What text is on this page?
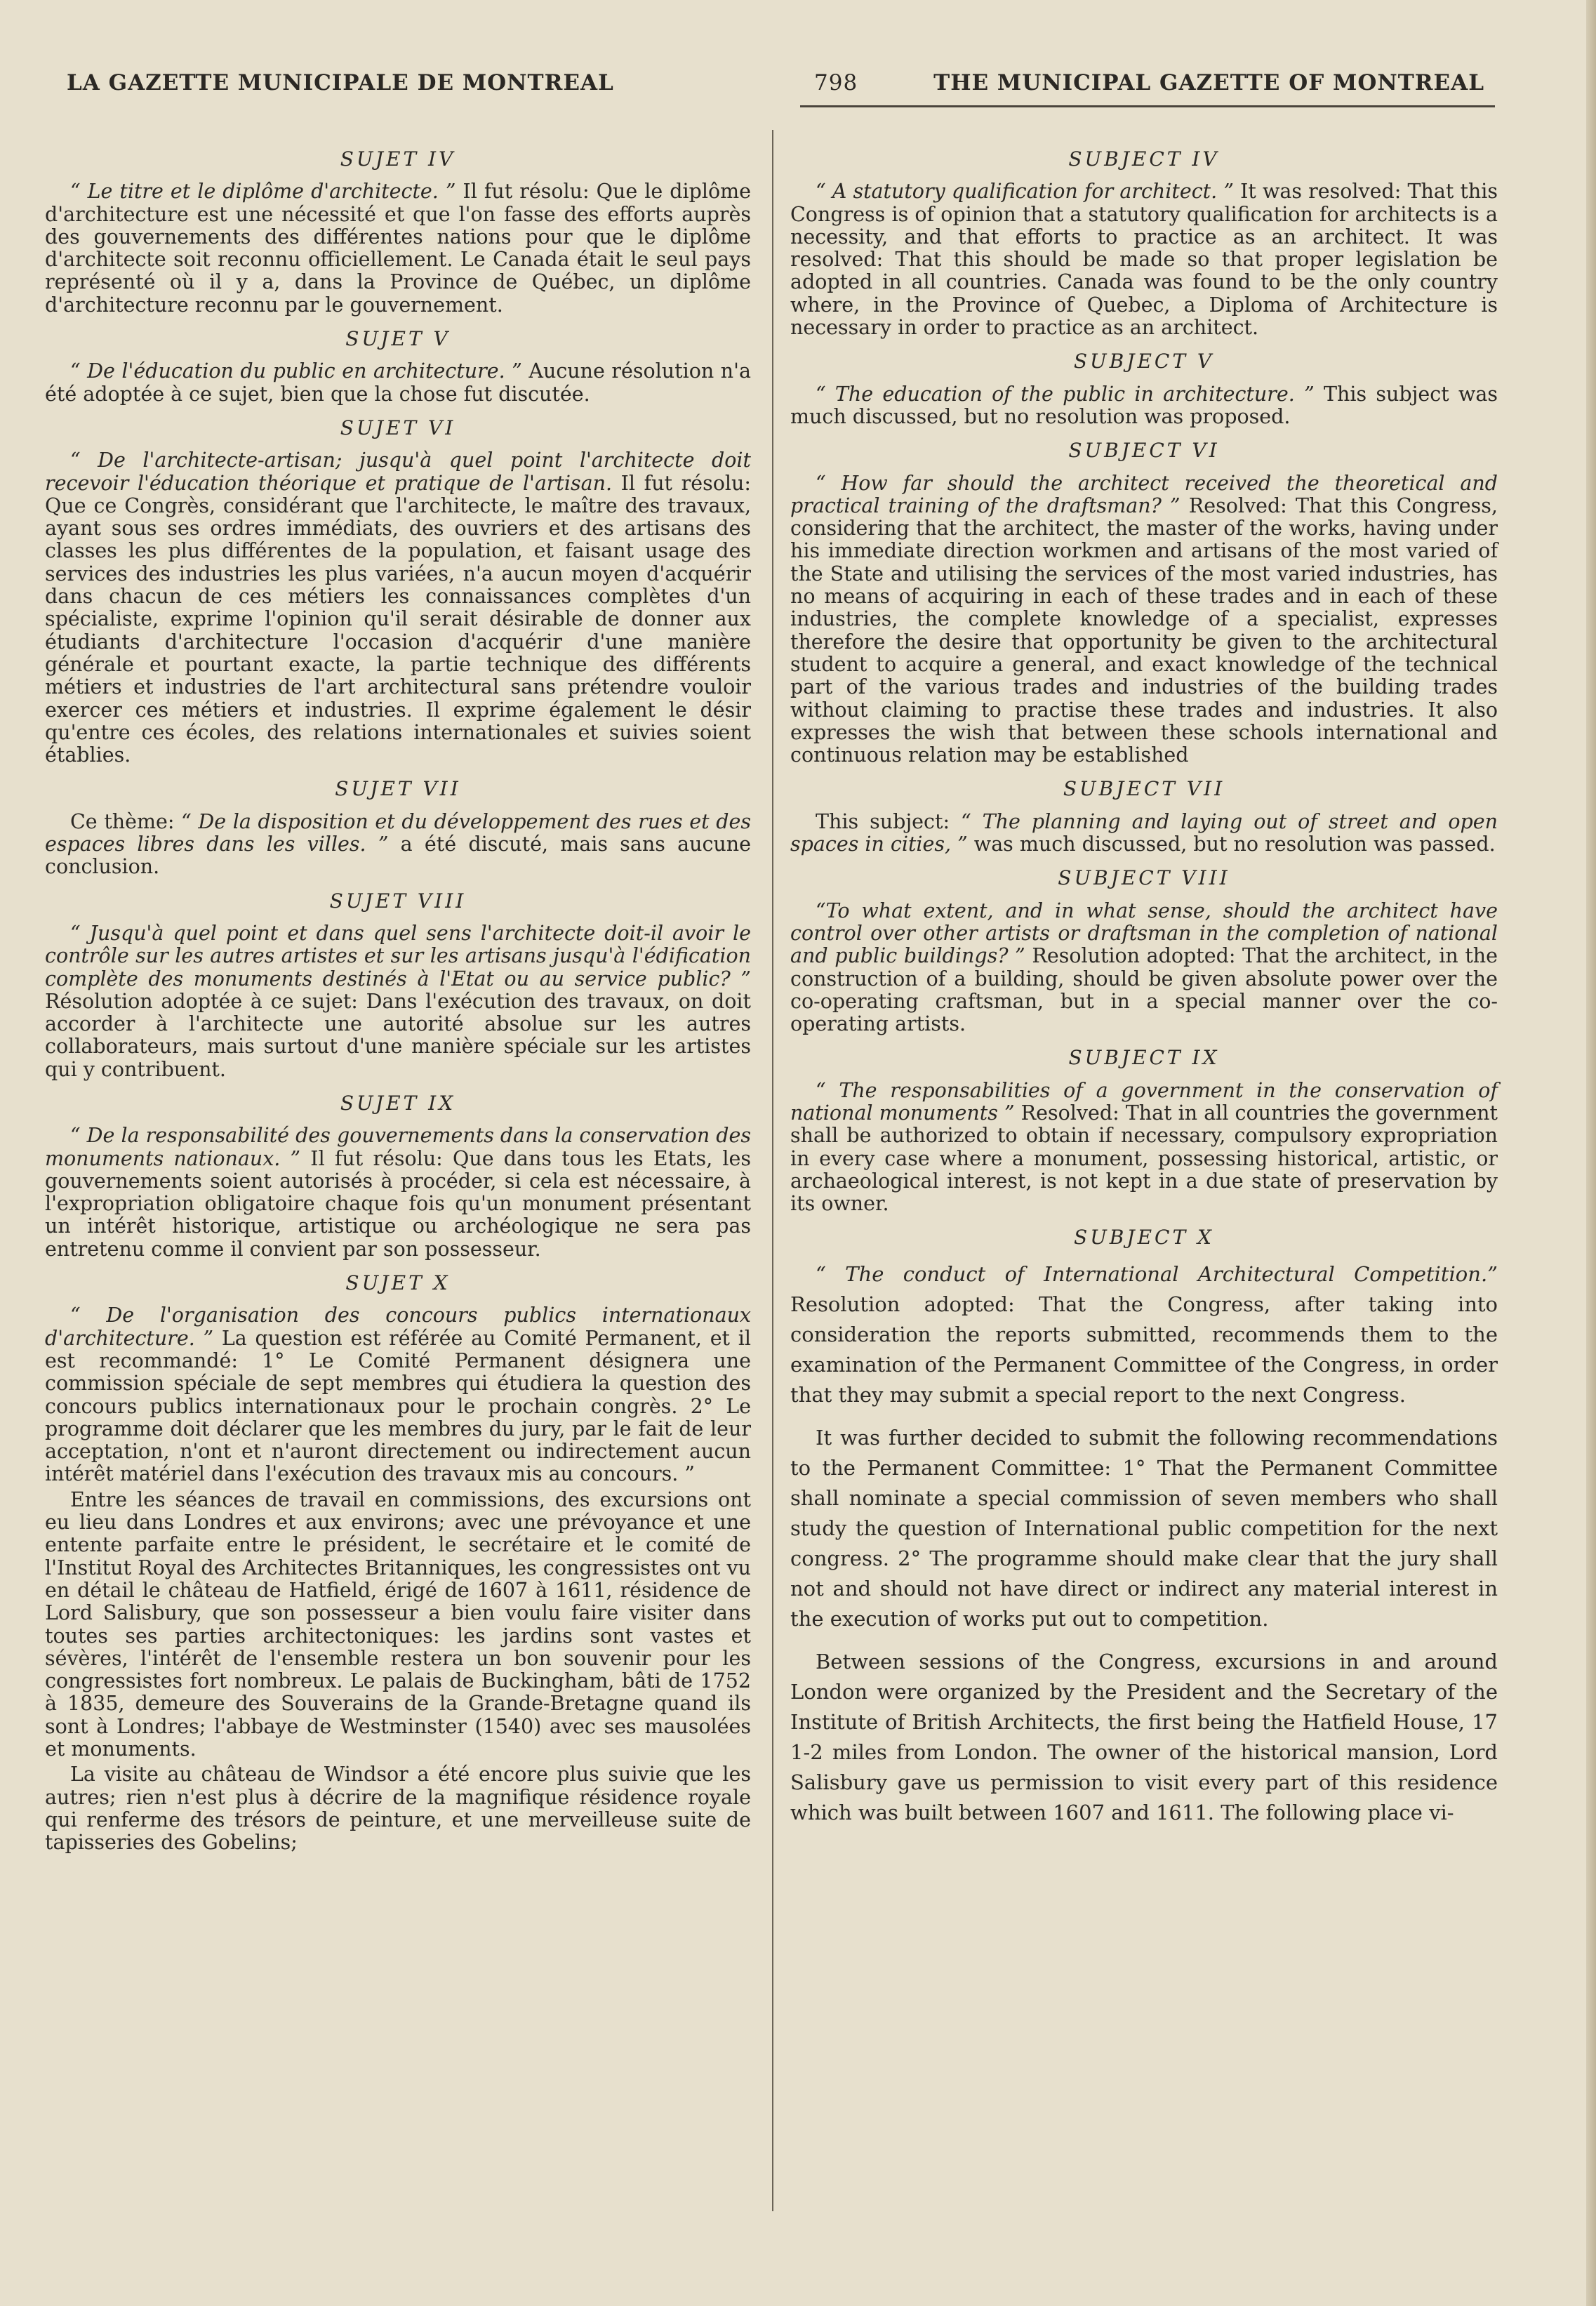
LA GAZETTE MUNICIPALE DE MONTREAL	798	THE MUNICIPAL GAZETTE OF MONTREAL
SUJET IV

“ Le titre et le diplôme d'architecte. ” Il fut résolu: Que le diplôme d'architecture est une nécessité et que l'on fasse des efforts auprès des gouvernements des différentes nations pour que le diplôme d'architecte soit reconnu officiellement. Le Canada était le seul pays représenté où il y a, dans la Province de Québec, un diplôme d'architecture reconnu par le gouvernement.

SUJET V

“ De l'éducation du public en architecture. ” Aucune résolution n'a été adoptée à ce sujet, bien que la chose fut discutée.

SUJET VI

“ De l'architecte-artisan; jusqu'à quel point l'architecte doit recevoir l'éducation théorique et pratique de l'artisan. Il fut résolu: Que ce Congrès, considérant que l'architecte, le maître des travaux, ayant sous ses ordres immédiats, des ouvriers et des artisans des classes les plus différentes de la population, et faisant usage des services des industries les plus variées, n'a aucun moyen d'acquérir dans chacun de ces métiers les connaissances complètes d'un spécialiste, exprime l'opinion qu'il serait désirable de donner aux étudiants d'architecture l'occasion d'acquérir d'une manière générale et pourtant exacte, la partie technique des différents métiers et industries de l'art architectural sans prétendre vouloir exercer ces métiers et industries. Il exprime également le désir qu'entre ces écoles, des relations internationales et suivies soient établies.

SUJET VII

Ce thème: “ De la disposition et du développement des rues et des espaces libres dans les villes. ” a été discuté, mais sans aucune conclusion.

SUJET VIII

“ Jusqu'à quel point et dans quel sens l'architecte doit-il avoir le contrôle sur les autres artistes et sur les artisans jusqu'à l'édification complète des monuments destinés à l'Etat ou au service public? ” Résolution adoptée à ce sujet: Dans l'exécution des travaux, on doit accorder à l'architecte une autorité absolue sur les autres collaborateurs, mais surtout d'une manière spéciale sur les artistes qui y contribuent.

SUJET IX

“ De la responsabilité des gouvernements dans la conservation des monuments nationaux. ” Il fut résolu: Que dans tous les Etats, les gouvernements soient autorisés à procéder, si cela est nécessaire, à l'expropriation obligatoire chaque fois qu'un monument présentant un intérêt historique, artistique ou archéologique ne sera pas entretenu comme il convient par son possesseur.

SUJET X

“ De l'organisation des concours publics internationaux d'architecture. ” La question est référée au Comité Permanent, et il est recommandé: 1° Le Comité Permanent désignera une commission spéciale de sept membres qui étudiera la question des concours publics internationaux pour le prochain congrès. 2° Le programme doit déclarer que les membres du jury, par le fait de leur acceptation, n'ont et n'auront directement ou indirectement aucun intérêt matériel dans l'exécution des travaux mis au concours. ”

Entre les séances de travail en commissions, des excursions ont eu lieu dans Londres et aux environs; avec une prévoyance et une entente parfaite entre le président, le secrétaire et le comité de l'Institut Royal des Architectes Britanniques, les congressistes ont vu en détail le château de Hatfield, érigé de 1607 à 1611, résidence de Lord Salisbury, que son possesseur a bien voulu faire visiter dans toutes ses parties architectoniques: les jardins sont vastes et sévères, l'intérêt de l'ensemble restera un bon souvenir pour les congressistes fort nombreux. Le palais de Buckingham, bâti de 1752 à 1835, demeure des Souverains de la Grande-Bretagne quand ils sont à Londres; l'abbaye de Westminster (1540) avec ses mausolées et monuments.

La visite au château de Windsor a été encore plus suivie que les autres; rien n'est plus à décrire de la magnifique résidence royale qui renferme des trésors de peinture, et une merveilleuse suite de tapisseries des Gobelins;

SUBJECT IV

“ A statutory qualification for architect. ” It was resolved: That this Congress is of opinion that a statutory qualification for architects is a necessity, and that efforts to practice as an architect. It was resolved: That this should be made so that proper legislation be adopted in all countries. Canada was found to be the only country where, in the Province of Quebec, a Diploma of Architecture is necessary in order to practice as an architect.

SUBJECT V

“ The education of the public in architecture. ” This subject was much discussed, but no resolution was proposed.

SUBJECT VI

“ How far should the architect received the theoretical and practical training of the draftsman? ” Resolved: That this Congress, considering that the architect, the master of the works, having under his immediate direction workmen and artisans of the most varied of the State and utilising the services of the most varied industries, has no means of acquiring in each of these trades and in each of these industries, the complete knowledge of a specialist, expresses therefore the desire that opportunity be given to the architectural student to acquire a general, and exact knowledge of the technical part of the various trades and industries of the building trades without claiming to practise these trades and industries. It also expresses the wish that between these schools international and continuous relation may be established

SUBJECT VII

This subject: “ The planning and laying out of street and open spaces in cities, ” was much discussed, but no resolution was passed.

SUBJECT VIII

“To what extent, and in what sense, should the architect have control over other artists or draftsman in the completion of national and public buildings? ” Resolution adopted: That the architect, in the construction of a building, should be given absolute power over the co-operating craftsman, but in a special manner over the co-operating artists.

SUBJECT IX

“ The responsabilities of a government in the conservation of national monuments ” Resolved: That in all countries the government shall be authorized to obtain if necessary, compulsory expropriation in every case where a monument, possessing historical, artistic, or archaeological interest, is not kept in a due state of preservation by its owner.

SUBJECT X

“ The conduct of International Architectural Competition.” Resolution adopted: That the Congress, after taking into consideration the reports submitted, recommends them to the examination of the Permanent Committee of the Congress, in order that they may submit a special report to the next Congress.

It was further decided to submit the following recommendations to the Permanent Committee: 1° That the Permanent Committee shall nominate a special commission of seven members who shall study the question of International public competition for the next congress. 2° The programme should make clear that the jury shall not and should not have direct or indirect any material interest in the execution of works put out to competition.

Between sessions of the Congress, excursions in and around London were organized by the President and the Secretary of the Institute of British Architects, the first being the Hatfield House, 17 1-2 miles from London. The owner of the historical mansion, Lord Salisbury gave us permission to visit every part of this residence which was built between 1607 and 1611. The following place vi-
